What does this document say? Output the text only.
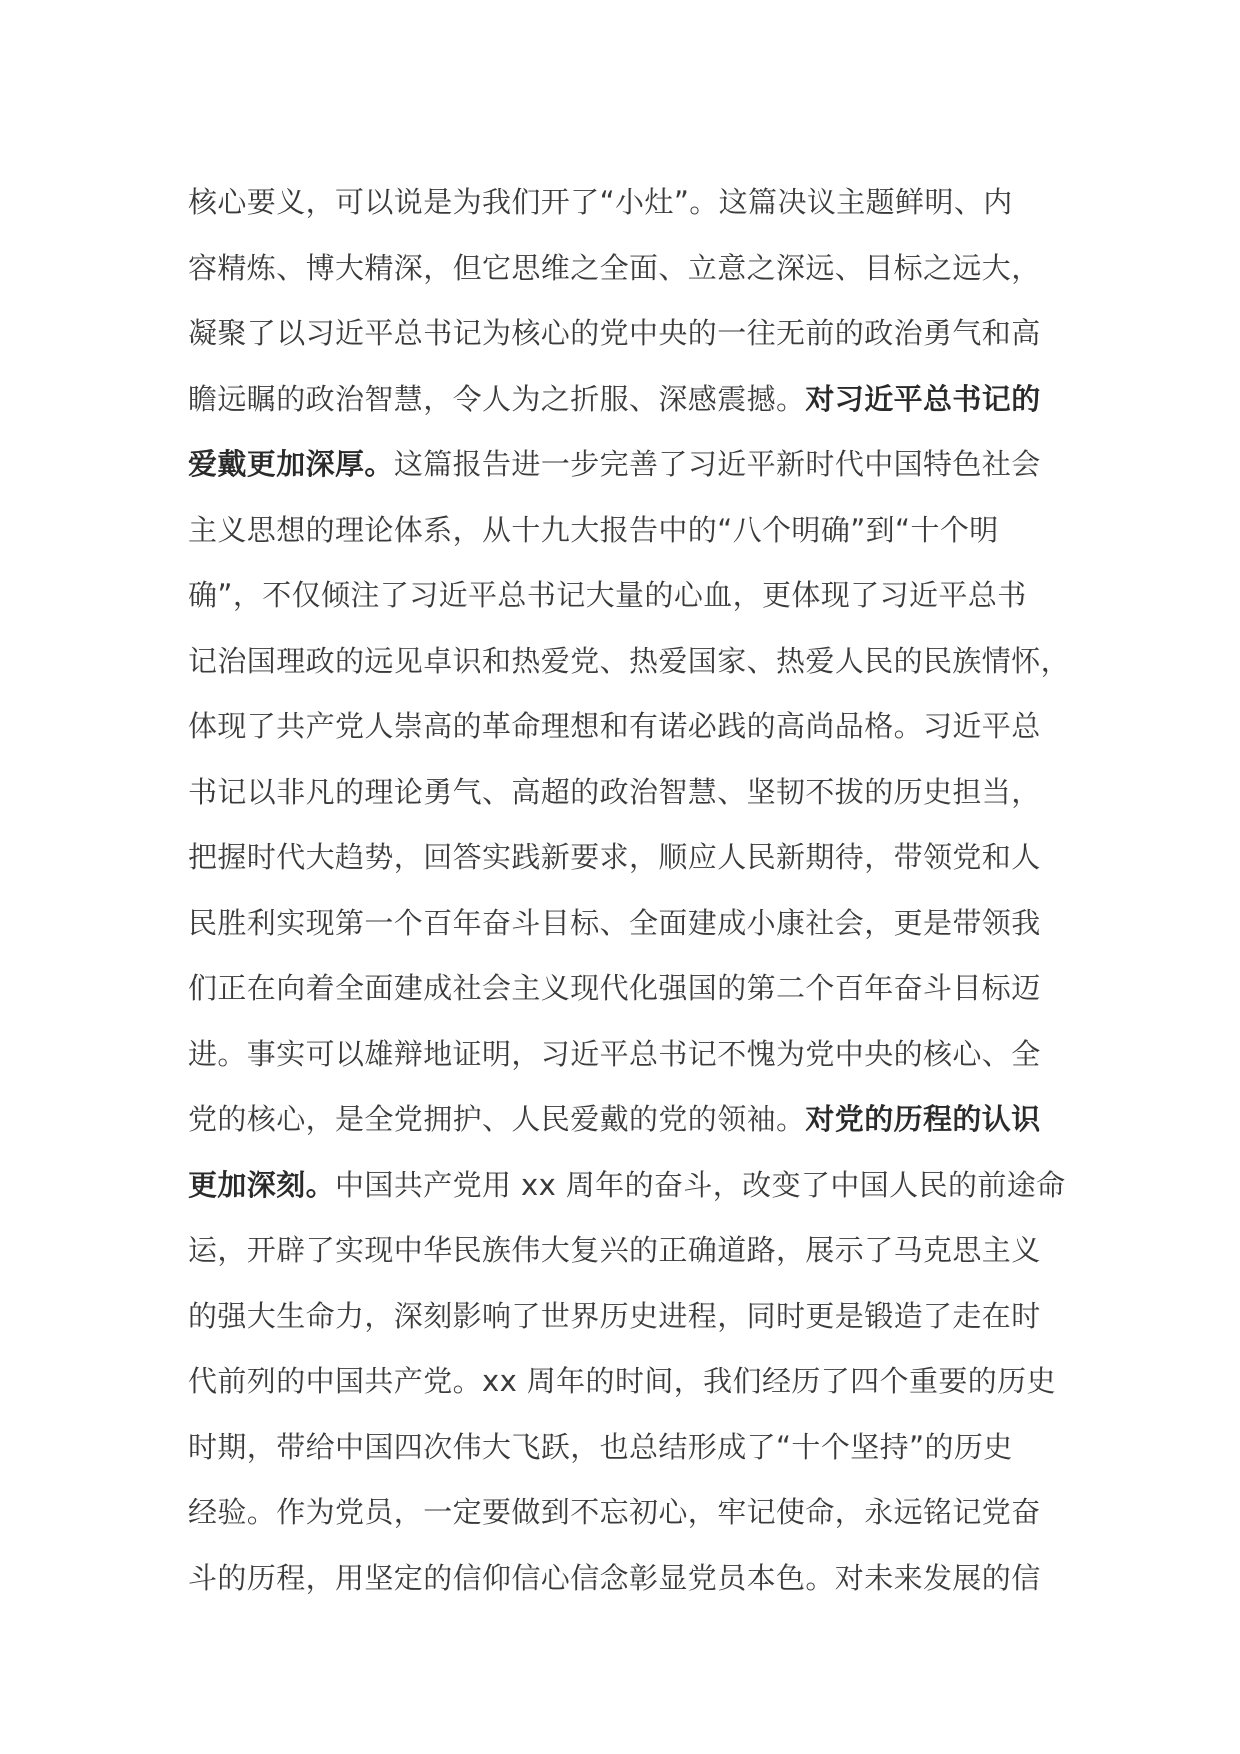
核心要义，可以说是为我们开了“小灶”。这篇决议主题鲜明、内
容精炼、博大精深，但它思维之全面、立意之深远、目标之远大，
凝聚了以习近平总书记为核心的党中央的一往无前的政治勇气和高
瞻远瞩的政治智慧，令人为之折服、深感震撼。对习近平总书记的
爱戴更加深厚。这篇报告进一步完善了习近平新时代中国特色社会
主义思想的理论体系，从十九大报告中的“八个明确”到“十个明
确”，不仅倾注了习近平总书记大量的心血，更体现了习近平总书
记治国理政的远见卓识和热爱党、热爱国家、热爱人民的民族情怀，
体现了共产党人崇高的革命理想和有诺必践的高尚品格。习近平总
书记以非凡的理论勇气、高超的政治智慧、坚韧不拔的历史担当，
把握时代大趋势，回答实践新要求，顺应人民新期待，带领党和人
民胜利实现第一个百年奋斗目标、全面建成小康社会，更是带领我
们正在向着全面建成社会主义现代化强国的第二个百年奋斗目标迈
进。事实可以雄辩地证明，习近平总书记不愧为党中央的核心、全
党的核心，是全党拥护、人民爱戴的党的领袖。对党的历程的认识
更加深刻。中国共产党用 xx 周年的奋斗，改变了中国人民的前途命
运，开辟了实现中华民族伟大复兴的正确道路，展示了马克思主义
的强大生命力，深刻影响了世界历史进程，同时更是锻造了走在时
代前列的中国共产党。xx 周年的时间，我们经历了四个重要的历史
时期，带给中国四次伟大飞跃，也总结形成了“十个坚持”的历史
经验。作为党员，一定要做到不忘初心，牢记使命，永远铭记党奋
斗的历程，用坚定的信仰信心信念彰显党员本色。对未来发展的信
